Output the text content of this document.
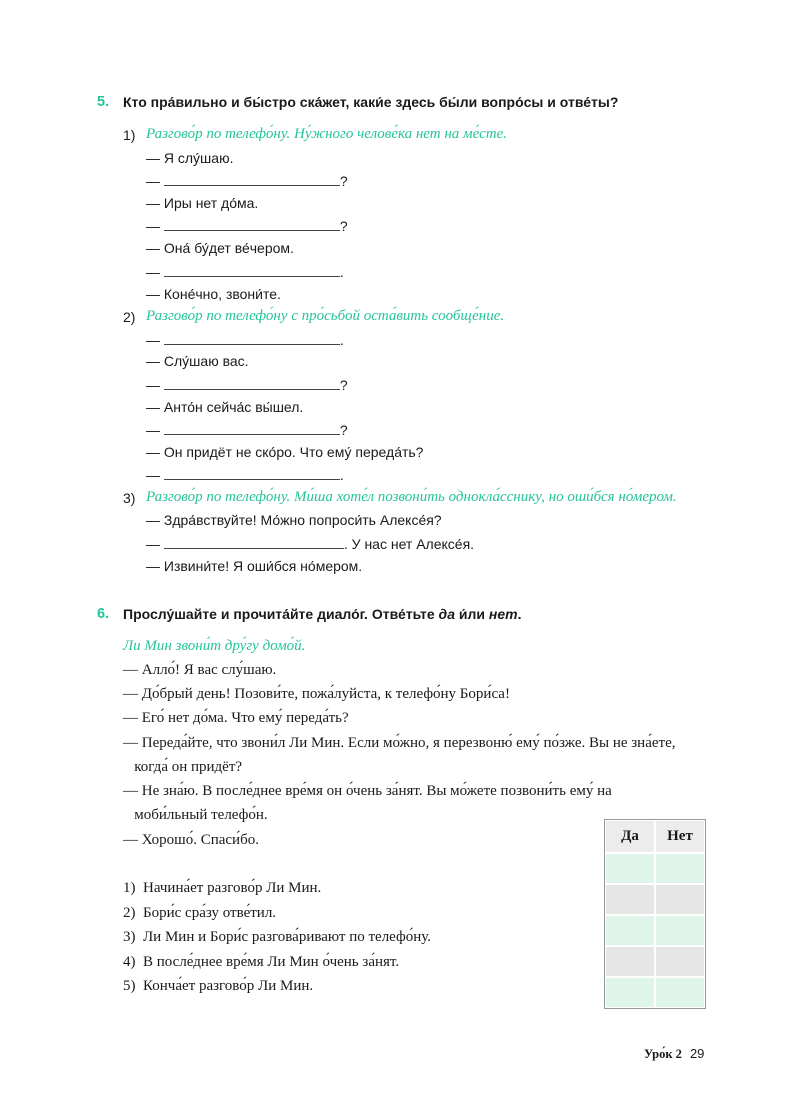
5. Кто пра́вильно и бы́стро ска́жет, каки́е здесь бы́ли вопро́сы и отве́ты?
1) Разгово́р по телефо́ну. Ну́жного челове́ка нет на ме́сте.
— Я слу́шаю.
—	?
— Иры нет до́ма.
—	?
— Она́ бу́дет ве́чером.
—	.
— Коне́чно, звони́те.
2) Разгово́р по телефо́ну с про́сьбой оста́вить сообще́ние.
—	.
— Слу́шаю вас.
—	?
— Анто́н сейча́с вы́шел.
—	?
— Он придёт не ско́ро. Что ему́ переда́ть?
—	.
3) Разгово́р по телефо́ну. Ми́ша хоте́л позвони́ть однокла́сснику, но оши́бся но́мером.
— Здра́вствуйте! Мо́жно попроси́ть Алексе́я?
—	. У нас нет Алексе́я.
— Извини́те! Я оши́бся но́мером.
6. Прослу́шайте и прочита́йте диало́г. Отве́тьте да и́ли нет.
Ли Мин звони́т дру́гу домо́й.
— Алло́! Я вас слу́шаю.
— До́брый день! Позови́те, пожа́луйста, к телефо́ну Бори́са!
— Его́ нет до́ма. Что ему́ переда́ть?
— Переда́йте, что звони́л Ли Мин. Если мо́жно, я перезвоню́ ему́ по́зже. Вы не зна́ете,
когда́ он придёт?
— Не зна́ю. В после́днее вре́мя он о́чень за́нят. Вы мо́жете позвони́ть ему́ на
моби́льный телефо́н.
— Хорошо́. Спаси́бо.
1) Начина́ет разгово́р Ли Мин.
2) Бори́с сра́зу отве́тил.
3) Ли Мин и Бори́с разгова́ривают по телефо́ну.
4) В после́днее вре́мя Ли Мин о́чень за́нят.
5) Конча́ет разгово́р Ли Мин.
Да	Нет

Уро́к 2 29
